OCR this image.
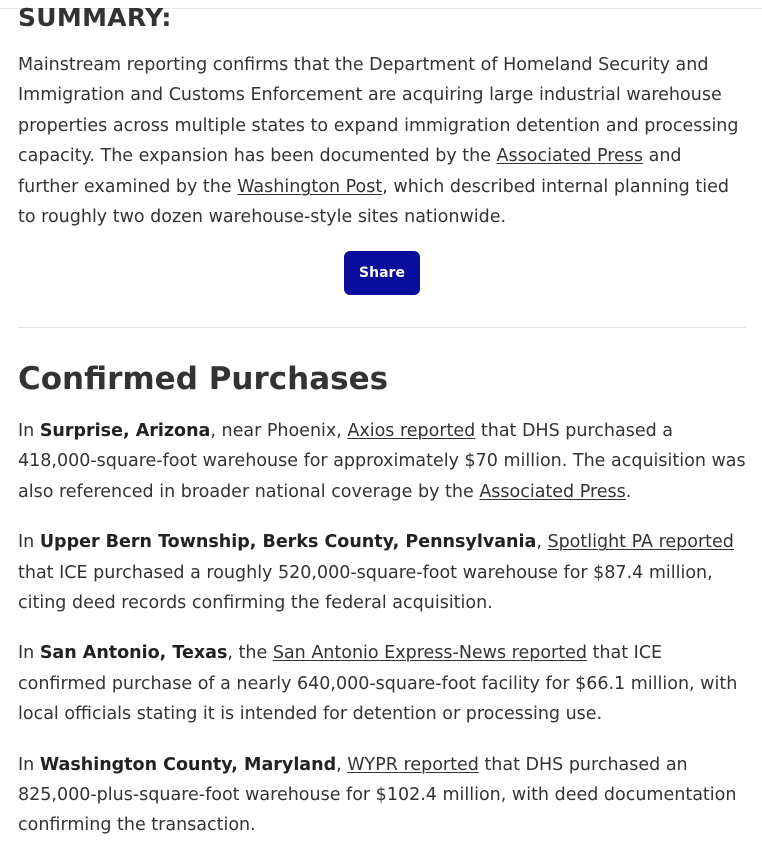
SUMMARY:

Mainstream reporting confirms that the Department of Homeland Security and Immigration and Customs Enforcement are acquiring large industrial warehouse properties across multiple states to expand immigration detention and processing capacity. The expansion has been documented by the Associated Press and further examined by the Washington Post, which described internal planning tied to roughly two dozen warehouse-style sites nationwide.

Share
Confirmed Purchases

In Surprise, Arizona, near Phoenix, Axios reported that DHS purchased a 418,000-square-foot warehouse for approximately $70 million. The acquisition was also referenced in broader national coverage by the Associated Press.

In Upper Bern Township, Berks County, Pennsylvania, Spotlight PA reported that ICE purchased a roughly 520,000-square-foot warehouse for $87.4 million, citing deed records confirming the federal acquisition.

In San Antonio, Texas, the San Antonio Express-News reported that ICE confirmed purchase of a nearly 640,000-square-foot facility for $66.1 million, with local officials stating it is intended for detention or processing use.

In Washington County, Maryland, WYPR reported that DHS purchased an 825,000-plus-square-foot warehouse for $102.4 million, with deed documentation confirming the transaction.
